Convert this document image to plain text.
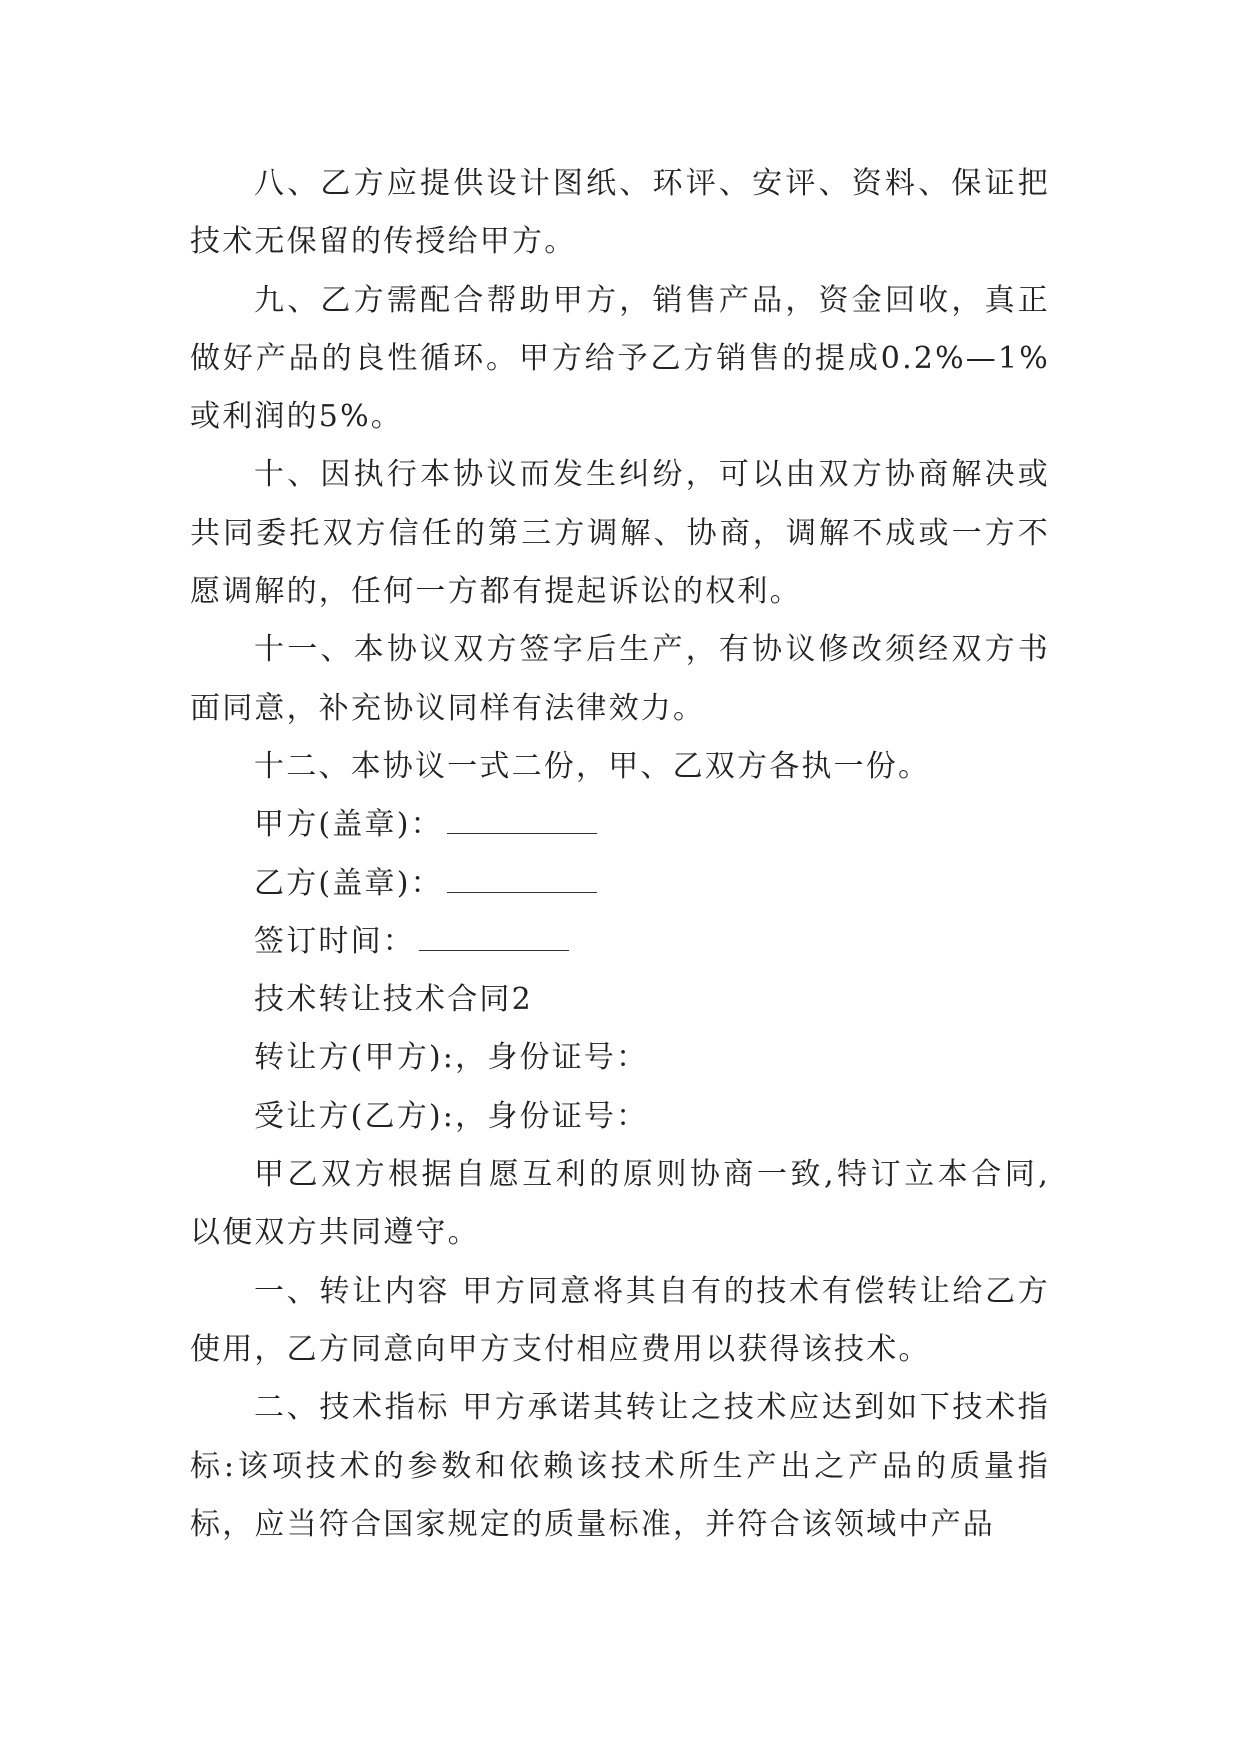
八、乙方应提供设计图纸、环评、安评、资料、保证把技术无保留的传授给甲方。

九、乙方需配合帮助甲方，销售产品，资金回收，真正做好产品的良性循环。甲方给予乙方销售的提成0.2%—1%或利润的5%。

十、因执行本协议而发生纠纷，可以由双方协商解决或共同委托双方信任的第三方调解、协商，调解不成或一方不愿调解的，任何一方都有提起诉讼的权利。

十一、本协议双方签字后生产，有协议修改须经双方书面同意，补充协议同样有法律效力。

十二、本协议一式二份，甲、乙双方各执一份。

甲方(盖章)：

乙方(盖章)：

签订时间：

技术转让技术合同2

转让方(甲方):，身份证号：

受让方(乙方):，身份证号：

甲乙双方根据自愿互利的原则协商一致,特订立本合同,以便双方共同遵守。

一、转让内容 甲方同意将其自有的技术有偿转让给乙方使用，乙方同意向甲方支付相应费用以获得该技术。

二、技术指标 甲方承诺其转让之技术应达到如下技术指标:该项技术的参数和依赖该技术所生产出之产品的质量指标，应当符合国家规定的质量标准，并符合该领域中产品
